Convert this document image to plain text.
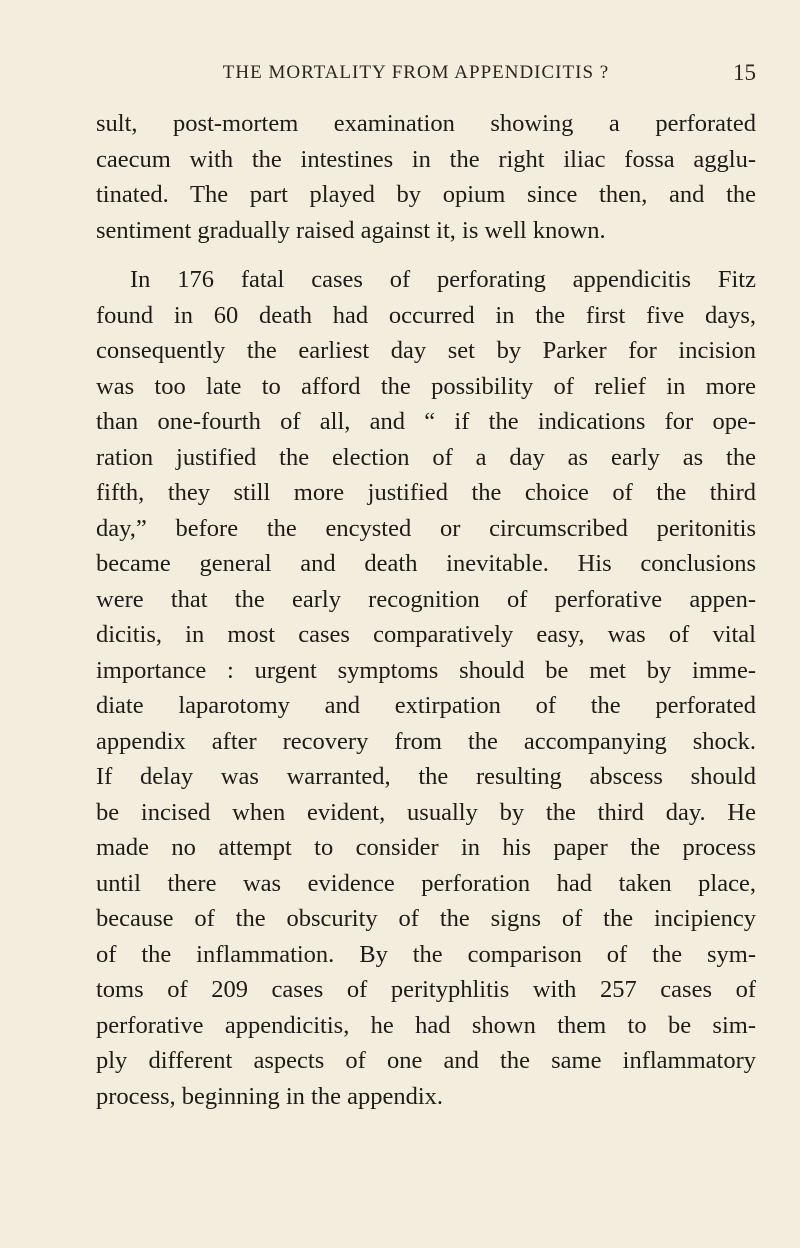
THE MORTALITY FROM APPENDICITIS ?	15
sult, post-mortem examination showing a perforated
caecum with the intestines in the right iliac fossa agglu-
tinated. The part played by opium since then, and the
sentiment gradually raised against it, is well known.
In 176 fatal cases of perforating appendicitis Fitz
found in 60 death had occurred in the first five days,
consequently the earliest day set by Parker for incision
was too late to afford the possibility of relief in more
than one-fourth of all, and “ if the indications for ope-
ration justified the election of a day as early as the
fifth, they still more justified the choice of the third
day,” before the encysted or circumscribed peritonitis
became general and death inevitable. His conclusions
were that the early recognition of perforative appen-
dicitis, in most cases comparatively easy, was of vital
importance : urgent symptoms should be met by imme-
diate laparotomy and extirpation of the perforated
appendix after recovery from the accompanying shock.
If delay was warranted, the resulting abscess should
be incised when evident, usually by the third day. He
made no attempt to consider in his paper the process
until there was evidence perforation had taken place,
because of the obscurity of the signs of the incipiency
of the inflammation. By the comparison of the sym-
toms of 209 cases of perityphlitis with 257 cases of
perforative appendicitis, he had shown them to be sim-
ply different aspects of one and the same inflammatory
process, beginning in the appendix.
